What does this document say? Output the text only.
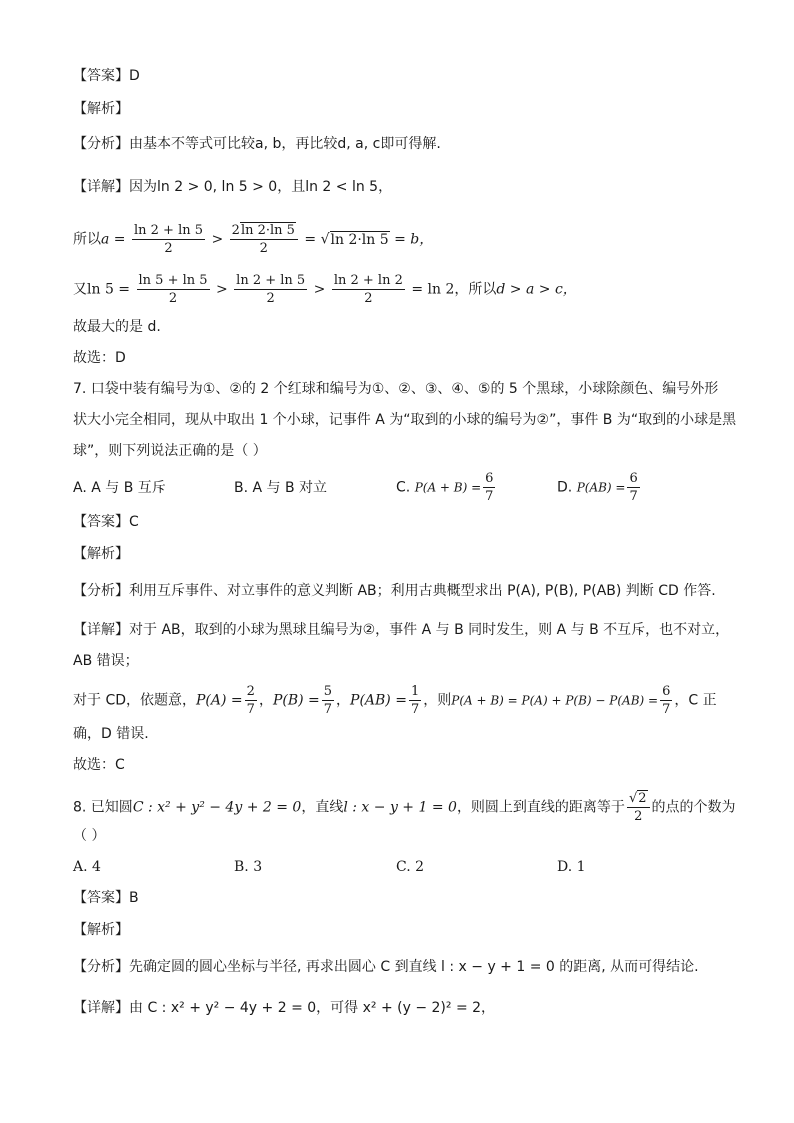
【答案】D
【解析】
【分析】由基本不等式可比较a, b，再比较d, a, c即可得解.
【详解】因为ln 2 > 0, ln 5 > 0，且ln 2 < ln 5，
所以$a = \frac{\ln 2 + \ln 5}{2} > \frac{2\ln 2\cdot\ln 5}{2} = √\ln$ 2·ln 5 = b，
又$\ln 5 = \frac{\ln 5 + \ln 5}{2} > \frac{\ln 2 + \ln 5}{2} > \frac{\ln 2 + \ln 2}{2} = \ln 2$，所以d > a > c，
故最大的是 d.
故选：D
7. 口袋中装有编号为①、②的 2 个红球和编号为①、②、③、④、⑤的 5 个黑球，小球除颜色、编号外形
状大小完全相同，现从中取出 1 个小球，记事件 A 为“取到的小球的编号为②”，事件 B 为“取到的小球是黑
球”，则下列说法正确的是（ ）
A. A 与 B 互斥	B. A 与 B 对立	C. $P(A + B) = \frac{6}{7}$	D. $P(AB) = \frac{6}{7}$
【答案】C
【解析】
【分析】利用互斥事件、对立事件的意义判断 AB；利用古典概型求出 P(A), P(B), P(AB) 判断 CD 作答.
【详解】对于 AB，取到的小球为黑球且编号为②，事件 A 与 B 同时发生，则 A 与 B 不互斥，也不对立，
AB 错误；
对于 CD，依题意，$P(A) = \frac{2}{7}$ ，$P(B) = \frac{5}{7}$ ，$P(AB) = \frac{1}{7}$ ，则$P(A + B) = P(A) + P(B) - P(AB) = \frac{6}{7}$ ，C 正
确，D 错误.
故选：C
8. 已知圆C : x² + y² − 4y + 2 = 0，直线l : x − y + 1 = 0，则圆上到直线的距离等于 $\frac{√2}{2}$ 的点的个数为
（ ）
A. 4	B. 3	C. 2	D. 1
【答案】B
【解析】
【分析】先确定圆的圆心坐标与半径, 再求出圆心 C 到直线 l : x − y + 1 = 0 的距离, 从而可得结论.
【详解】由 C : x² + y² − 4y + 2 = 0，可得 x² + (y − 2)² = 2，
